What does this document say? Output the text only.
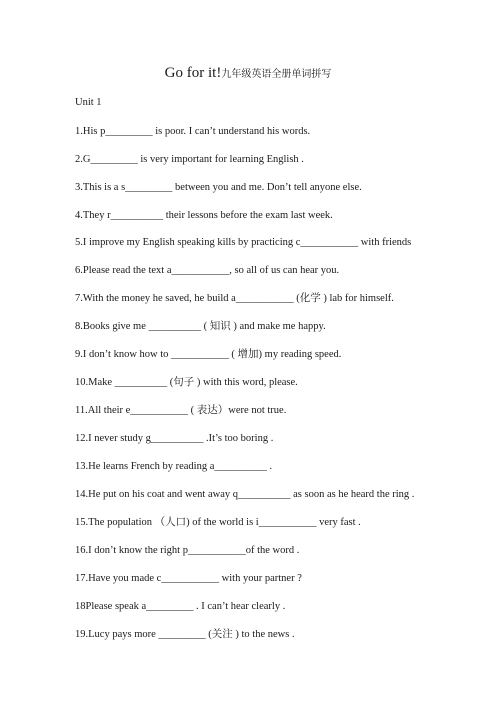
Go for it!九年级英语全册单词拼写
Unit 1
1.His p_________ is poor. I can’t understand his words.
2.G_________ is very important for learning English .
3.This is a s_________ between you and me. Don’t tell anyone else.
4.They r__________ their lessons before the exam last week.
5.I improve my English speaking kills by practicing c___________ with friends
6.Please read the text a___________, so all of us can hear you.
7.With the money he saved, he build a___________ (化学 ) lab for himself.
8.Books give me __________ ( 知识 ) and make me happy.
9.I don’t know how to ___________ ( 增加) my reading speed.
10.Make __________ (句子 ) with this word, please.
11.All their e___________ ( 表达）were not true.
12.I never study g__________ .It’s too boring .
13.He learns French by reading a__________ .
14.He put on his coat and went away q__________ as soon as he heard the ring .
15.The population （人口) of the world is i___________ very fast .
16.I don’t know the right p___________of the word .
17.Have you made c___________ with your partner ?
18Please speak a_________ . I can’t hear clearly .
19.Lucy pays more _________ (关注 ) to the news .
